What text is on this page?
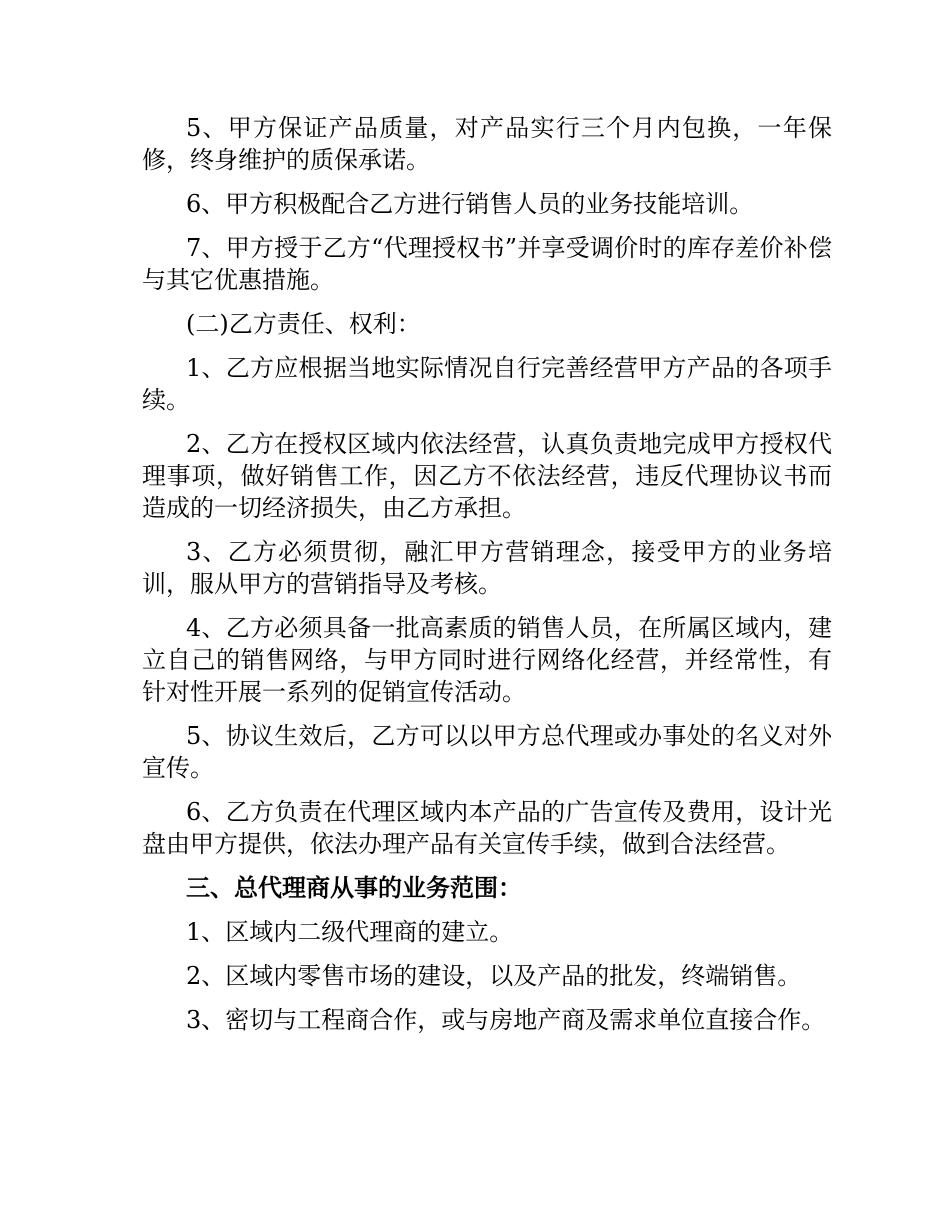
5、甲方保证产品质量，对产品实行三个月内包换，一年保修，终身维护的质保承诺。

6、甲方积极配合乙方进行销售人员的业务技能培训。

7、甲方授于乙方“代理授权书”并享受调价时的库存差价补偿与其它优惠措施。

(二)乙方责任、权利：

1、乙方应根据当地实际情况自行完善经营甲方产品的各项手续。

2、乙方在授权区域内依法经营，认真负责地完成甲方授权代理事项，做好销售工作，因乙方不依法经营，违反代理协议书而造成的一切经济损失，由乙方承担。

3、乙方必须贯彻，融汇甲方营销理念，接受甲方的业务培训，服从甲方的营销指导及考核。

4、乙方必须具备一批高素质的销售人员，在所属区域内，建立自己的销售网络，与甲方同时进行网络化经营，并经常性，有针对性开展一系列的促销宣传活动。

5、协议生效后，乙方可以以甲方总代理或办事处的名义对外宣传。

6、乙方负责在代理区域内本产品的广告宣传及费用，设计光盘由甲方提供，依法办理产品有关宣传手续，做到合法经营。

三、总代理商从事的业务范围：

1、区域内二级代理商的建立。

2、区域内零售市场的建设，以及产品的批发，终端销售。

3、密切与工程商合作，或与房地产商及需求单位直接合作。
